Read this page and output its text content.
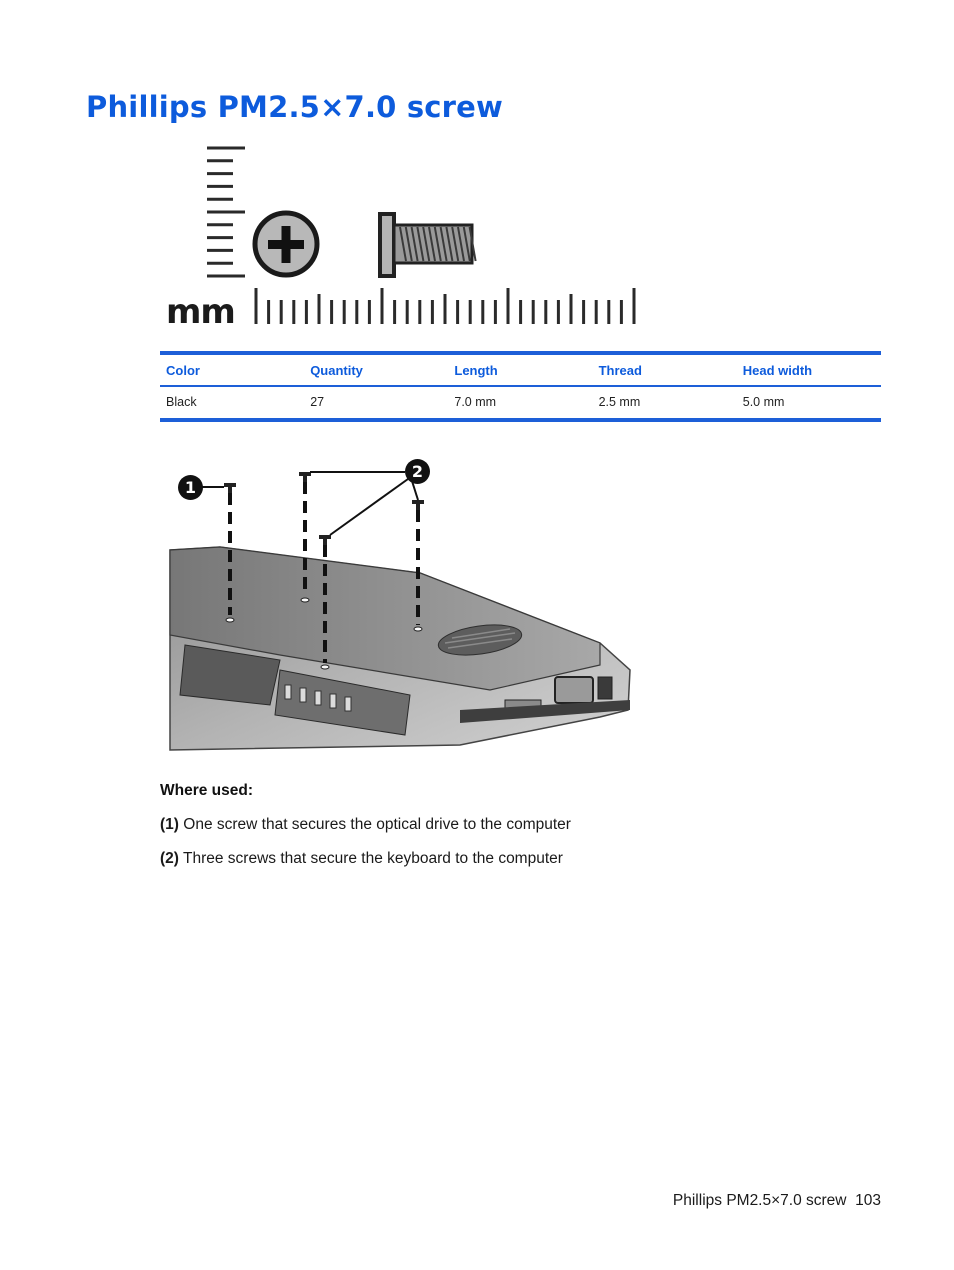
Phillips PM2.5×7.0 screw
mm
Color	Quantity	Length	Thread	Head width
Black	27	7.0 mm	2.5 mm	5.0 mm
1
2

Where used:

(1) One screw that secures the optical drive to the computer

(2) Three screws that secure the keyboard to the computer

Phillips PM2.5×7.0 screw 103
